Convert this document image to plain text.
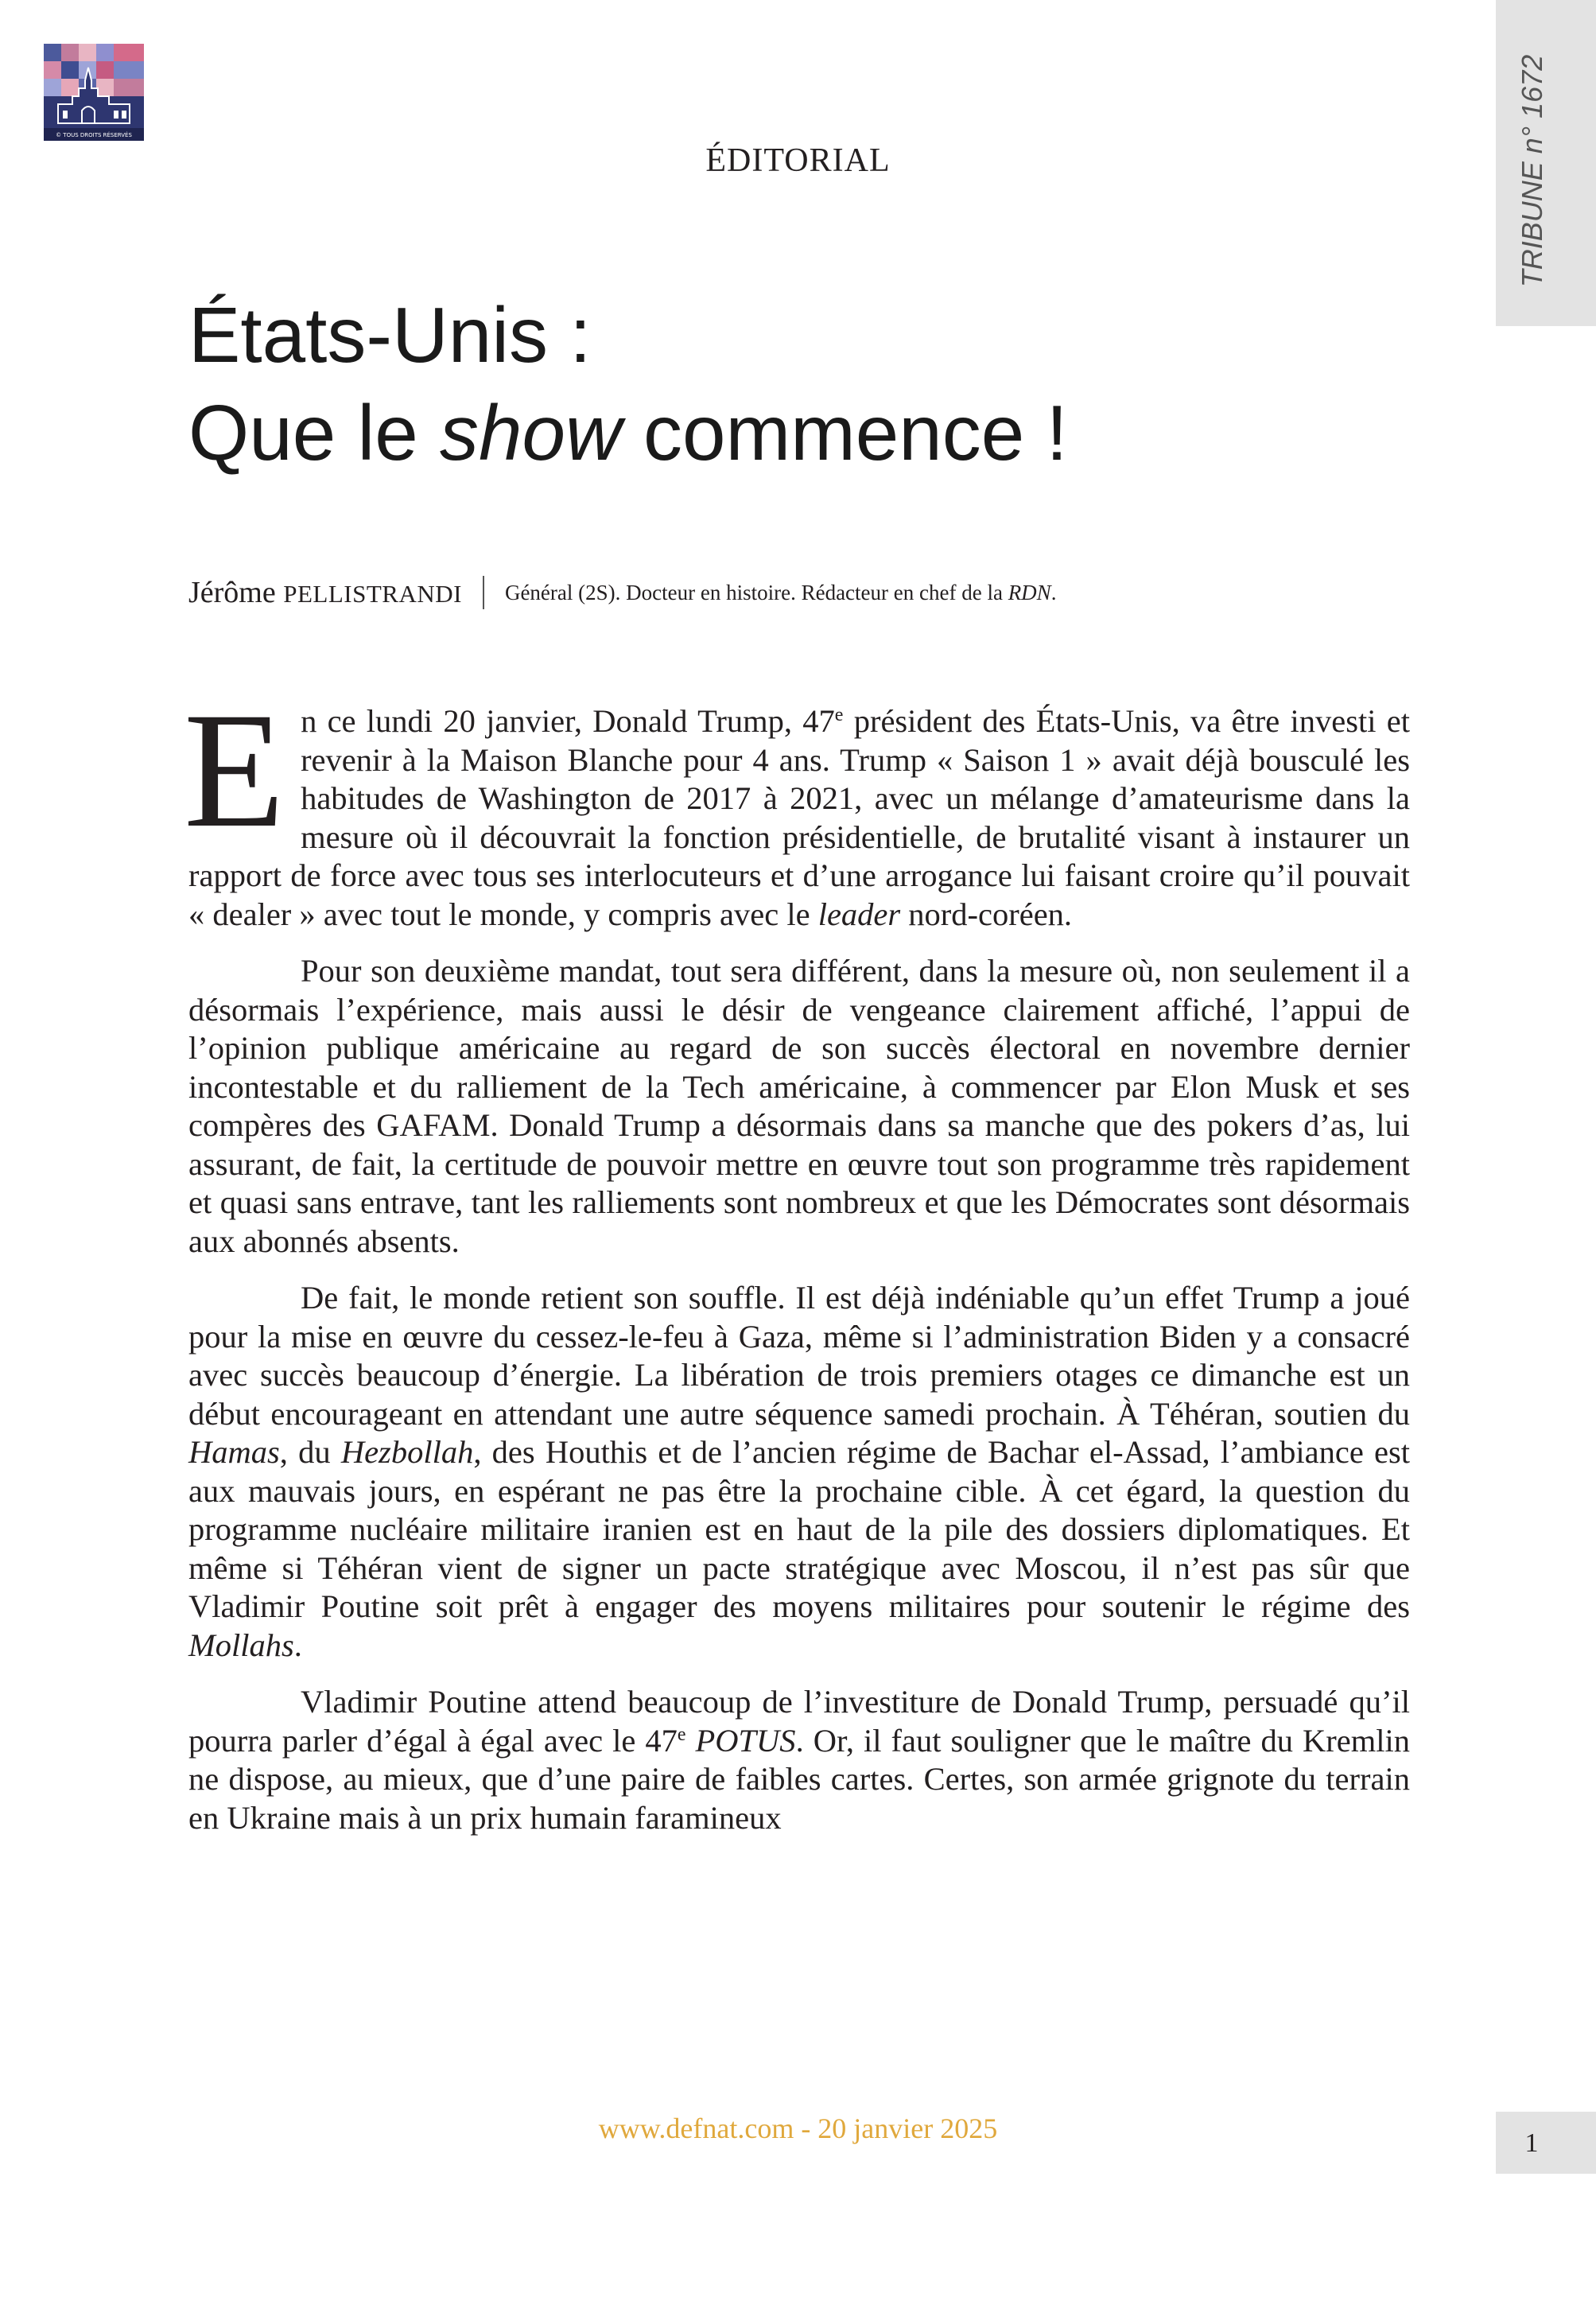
© TOUS DROITS RÉSERVÉS	TRIBUNE n° 1672
ÉDITORIAL
États-Unis :
Que le show commence !
Jérôme PELLISTRANDI Général (2S). Docteur en histoire. Rédacteur en chef de la RDN.

En ce lundi 20 janvier, Donald Trump, 47e président des États-Unis, va être investi et revenir à la Maison Blanche pour 4 ans. Trump « Saison 1 » avait déjà bousculé les habitudes de Washington de 2017 à 2021, avec un mélange d’amateurisme dans la mesure où il découvrait la fonction présidentielle, de brutalité visant à instaurer un rapport de force avec tous ses interlocuteurs et d’une arrogance lui faisant croire qu’il pouvait « dealer » avec tout le monde, y compris avec le leader nord-coréen.

Pour son deuxième mandat, tout sera différent, dans la mesure où, non seulement il a désormais l’expérience, mais aussi le désir de vengeance clairement affiché, l’appui de l’opinion publique américaine au regard de son succès électoral en novembre dernier incontestable et du ralliement de la Tech américaine, à commencer par Elon Musk et ses compères des GAFAM. Donald Trump a désormais dans sa manche que des pokers d’as, lui assurant, de fait, la certitude de pouvoir mettre en œuvre tout son programme très rapidement et quasi sans entrave, tant les ralliements sont nombreux et que les Démocrates sont désormais aux abonnés absents.

De fait, le monde retient son souffle. Il est déjà indéniable qu’un effet Trump a joué pour la mise en œuvre du cessez-le-feu à Gaza, même si l’administration Biden y a consacré avec succès beaucoup d’énergie. La libération de trois premiers otages ce dimanche est un début encourageant en attendant une autre séquence samedi prochain. À Téhéran, soutien du Hamas, du Hezbollah, des Houthis et de l’ancien régime de Bachar el-Assad, l’ambiance est aux mauvais jours, en espérant ne pas être la prochaine cible. À cet égard, la question du programme nucléaire militaire iranien est en haut de la pile des dossiers diplomatiques. Et même si Téhéran vient de signer un pacte stratégique avec Moscou, il n’est pas sûr que Vladimir Poutine soit prêt à engager des moyens militaires pour soutenir le régime des Mollahs.

Vladimir Poutine attend beaucoup de l’investiture de Donald Trump, persuadé qu’il pourra parler d’égal à égal avec le 47e POTUS. Or, il faut souligner que le maître du Kremlin ne dispose, au mieux, que d’une paire de faibles cartes. Certes, son armée grignote du terrain en Ukraine mais à un prix humain faramineux

www.defnat.com - 20 janvier 2025	1
